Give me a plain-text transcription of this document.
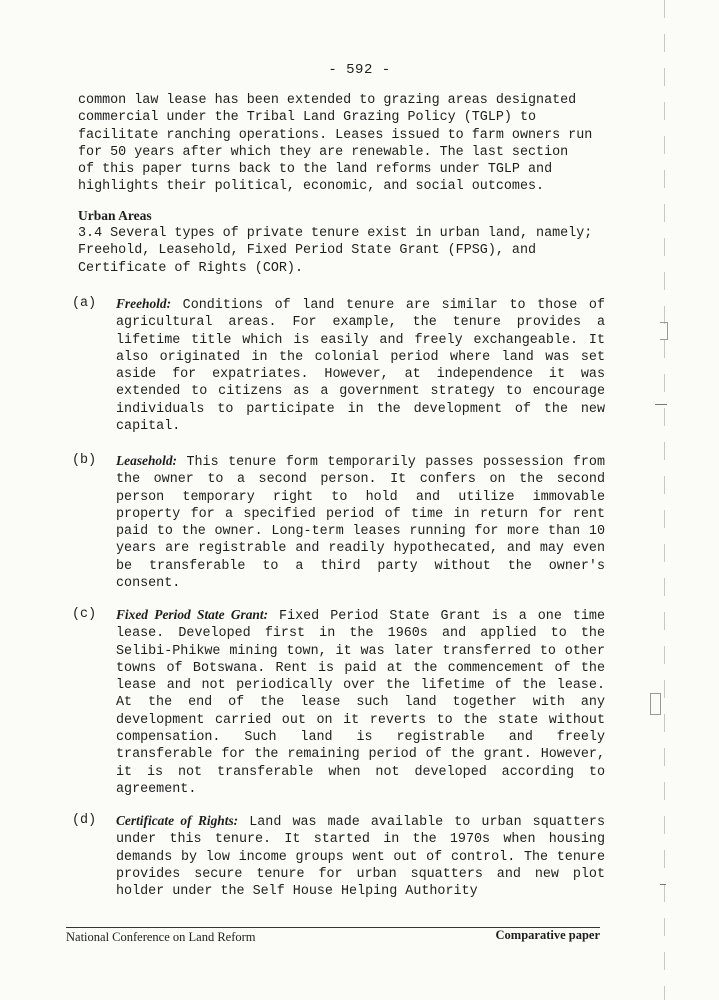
- 592 -

common law lease has been extended to grazing areas designated

commercial under the Tribal Land Grazing Policy (TGLP) to

facilitate ranching operations. Leases issued to farm owners run

for 50 years after which they are renewable. The last section

of this paper turns back to the land reforms under TGLP and

highlights their political, economic, and social outcomes.

Urban Areas

3.4 Several types of private tenure exist in urban land, namely;

Freehold, Leasehold, Fixed Period State Grant (FPSG), and

Certificate of Rights (COR).

(a) Freehold: Conditions of land tenure are similar to those of agricultural areas. For example, the tenure provides a lifetime title which is easily and freely exchangeable. It also originated in the colonial period where land was set aside for expatriates. However, at independence it was extended to citizens as a government strategy to encourage individuals to participate in the development of the new capital.
(b) Leasehold: This tenure form temporarily passes possession from the owner to a second person. It confers on the second person temporary right to hold and utilize immovable property for a specified period of time in return for rent paid to the owner. Long-term leases running for more than 10 years are registrable and readily hypothecated, and may even be transferable to a third party without the owner's consent.
(c) Fixed Period State Grant: Fixed Period State Grant is a one time lease. Developed first in the 1960s and applied to the Selibi-Phikwe mining town, it was later transferred to other towns of Botswana. Rent is paid at the commencement of the lease and not periodically over the lifetime of the lease. At the end of the lease such land together with any development carried out on it reverts to the state without compensation. Such land is registrable and freely transferable for the remaining period of the grant. However, it is not transferable when not developed according to agreement.
(d) Certificate of Rights: Land was made available to urban squatters under this tenure. It started in the 1970s when housing demands by low income groups went out of control. The tenure provides secure tenure for urban squatters and new plot holder under the Self House Helping Authority
National Conference on Land Reform	Comparative paper
